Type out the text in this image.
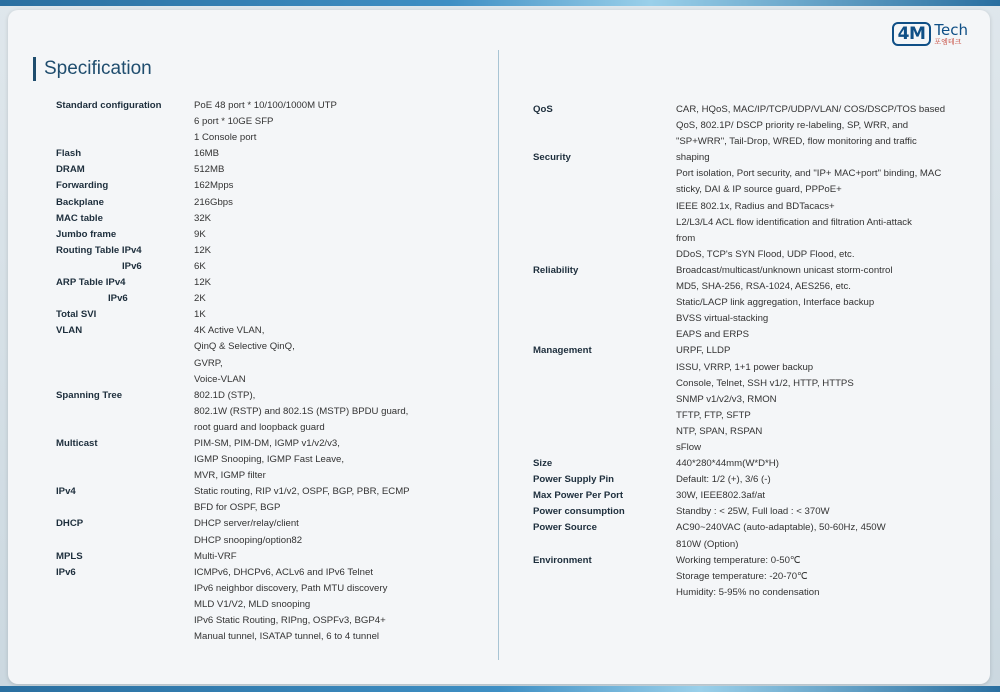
4M Tech
포엠테크
Specification
Standard configuration	PoE 48 port * 10/100/1000M UTP
6 port * 10GE SFP
1 Console port
Flash	16MB
DRAM	512MB
Forwarding	162Mpps
Backplane	216Gbps
MAC table	32K
Jumbo frame	9K
Routing Table IPv4	12K
IPv6	6K
ARP Table IPv4	12K
IPv6	2K
Total SVI	1K
VLAN	4K Active VLAN,
QinQ & Selective QinQ,
GVRP,
Voice-VLAN
Spanning Tree	802.1D (STP),
802.1W (RSTP) and 802.1S (MSTP) BPDU guard,
root guard and loopback guard
Multicast	PIM-SM, PIM-DM, IGMP v1/v2/v3,
IGMP Snooping, IGMP Fast Leave,
MVR, IGMP filter
IPv4	Static routing, RIP v1/v2, OSPF, BGP, PBR, ECMP
BFD for OSPF, BGP
DHCP	DHCP server/relay/client
DHCP snooping/option82
MPLS	Multi-VRF
IPv6	ICMPv6, DHCPv6, ACLv6 and IPv6 Telnet
IPv6 neighbor discovery, Path MTU discovery
MLD V1/V2, MLD snooping
IPv6 Static Routing, RIPng, OSPFv3, BGP4+
Manual tunnel, ISATAP tunnel, 6 to 4 tunnel
QoS	CAR, HQoS, MAC/IP/TCP/UDP/VLAN/ COS/DSCP/TOS based
QoS, 802.1P/ DSCP priority re-labeling, SP, WRR, and
"SP+WRR", Tail-Drop, WRED, flow monitoring and traffic
Security	shaping
Port isolation, Port security, and "IP+ MAC+port" binding, MAC
sticky, DAI & IP source guard, PPPoE+
IEEE 802.1x, Radius and BDTacacs+
L2/L3/L4 ACL flow identification and filtration Anti-attack
from
DDoS, TCP's SYN Flood, UDP Flood, etc.
Reliability	Broadcast/multicast/unknown unicast storm-control
MD5, SHA-256, RSA-1024, AES256, etc.
Static/LACP link aggregation, Interface backup
BVSS virtual-stacking
EAPS and ERPS
Management	URPF, LLDP
ISSU, VRRP, 1+1 power backup
Console, Telnet, SSH v1/2, HTTP, HTTPS
SNMP v1/v2/v3, RMON
TFTP, FTP, SFTP
NTP, SPAN, RSPAN
sFlow
Size	440*280*44mm(W*D*H)
Power Supply Pin	Default: 1/2 (+), 3/6 (-)
Max Power Per Port	30W, IEEE802.3af/at
Power consumption	Standby : < 25W, Full load : < 370W
Power Source	AC90~240VAC (auto-adaptable), 50-60Hz, 450W
810W (Option)
Environment	Working temperature: 0-50℃
Storage temperature: -20-70℃
Humidity: 5-95% no condensation
